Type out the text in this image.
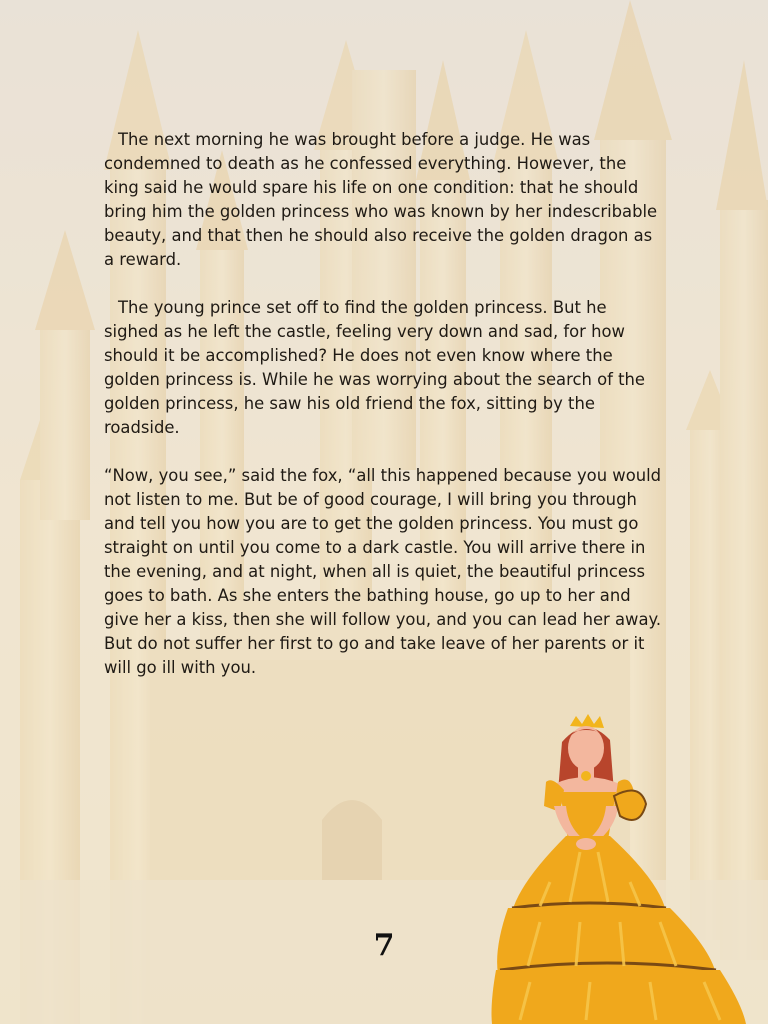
The next morning he was brought before a judge. He was condemned to death as he confessed everything. However, the king said he would spare his life on one condition: that he should bring him the golden princess who was known by her indescribable beauty, and that then he should also receive the golden dragon as a reward.

The young prince set off to find the golden princess. But he sighed as he left the castle, feeling very down and sad, for how should it be accomplished? He does not even know where the golden princess is. While he was worrying about the search of the golden princess, he saw his old friend the fox, sitting by the roadside.

“Now, you see,” said the fox, “all this happened because you would not listen to me. But be of good courage, I will bring you through and tell you how you are to get the golden princess. You must go straight on until you come to a dark castle. You will arrive there in the evening, and at night, when all is quiet, the beautiful princess goes to bath. As she enters the bathing house, go up to her and give her a kiss, then she will follow you, and you can lead her away. But do not suffer her first to go and take leave of her parents or it will go ill with you.

7
